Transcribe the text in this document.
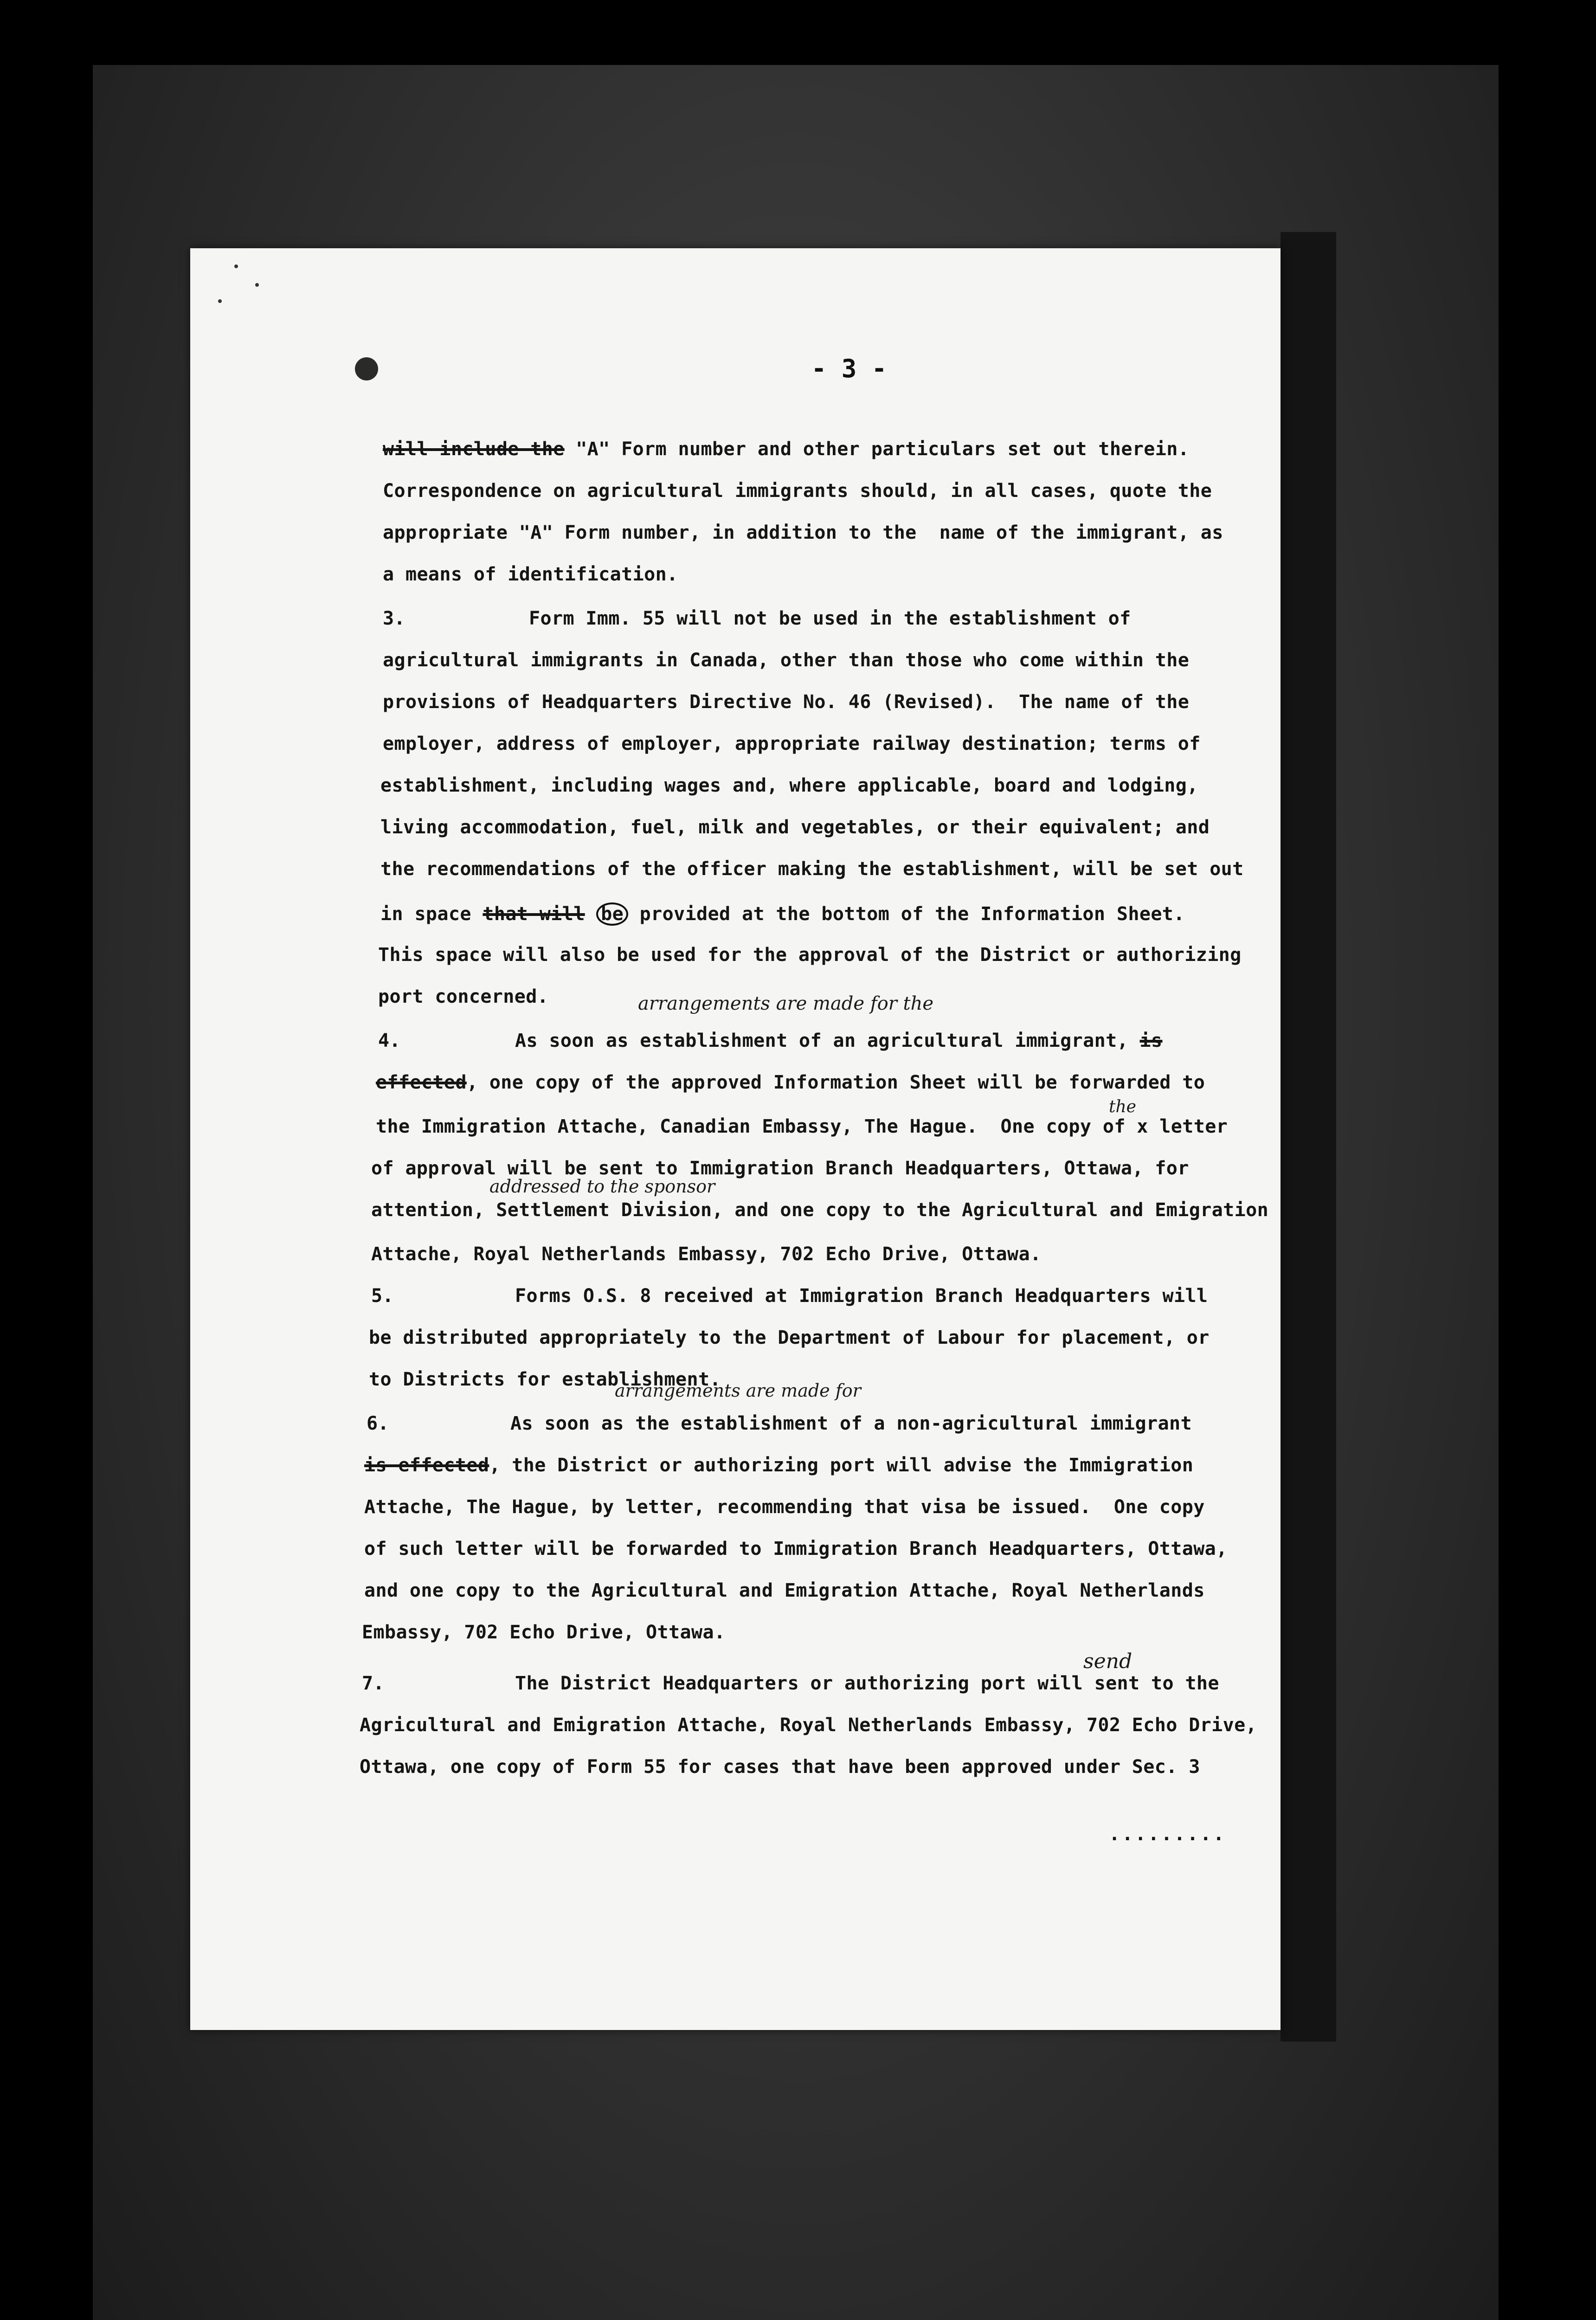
- 3 -
will include the "A" Form number and other particulars set out therein.
Correspondence on agricultural immigrants should, in all cases, quote the
appropriate "A" Form number, in addition to the  name of the immigrant, as
a means of identification.
3.	Form Imm. 55 will not be used in the establishment of
agricultural immigrants in Canada, other than those who come within the
provisions of Headquarters Directive No. 46 (Revised).  The name of the
employer, address of employer, appropriate railway destination; terms of
establishment, including wages and, where applicable, board and lodging,
living accommodation, fuel, milk and vegetables, or their equivalent; and
the recommendations of the officer making the establishment, will be set out
in space that will be provided at the bottom of the Information Sheet.
This space will also be used for the approval of the District or authorizing
port concerned.	arrangements are made for the
4.	As soon as establishment of an agricultural immigrant, is
effected, one copy of the approved Information Sheet will be forwarded to
the
the Immigration Attache, Canadian Embassy, The Hague.  One copy of x letter
of approval will be sent to Immigration Branch Headquarters, Ottawa, for
addressed to the sponsor
attention, Settlement Division, and one copy to the Agricultural and Emigration
Attache, Royal Netherlands Embassy, 702 Echo Drive, Ottawa.
5.	Forms O.S. 8 received at Immigration Branch Headquarters will
be distributed appropriately to the Department of Labour for placement, or
to Districts for establishment.
arrangements are made for
6.	As soon as the establishment of a non-agricultural immigrant
is effected, the District or authorizing port will advise the Immigration
Attache, The Hague, by letter, recommending that visa be issued.  One copy
of such letter will be forwarded to Immigration Branch Headquarters, Ottawa,
and one copy to the Agricultural and Emigration Attache, Royal Netherlands
Embassy, 702 Echo Drive, Ottawa.
send
7.	The District Headquarters or authorizing port will sent to the
Agricultural and Emigration Attache, Royal Netherlands Embassy, 702 Echo Drive,
Ottawa, one copy of Form 55 for cases that have been approved under Sec. 3
.........
